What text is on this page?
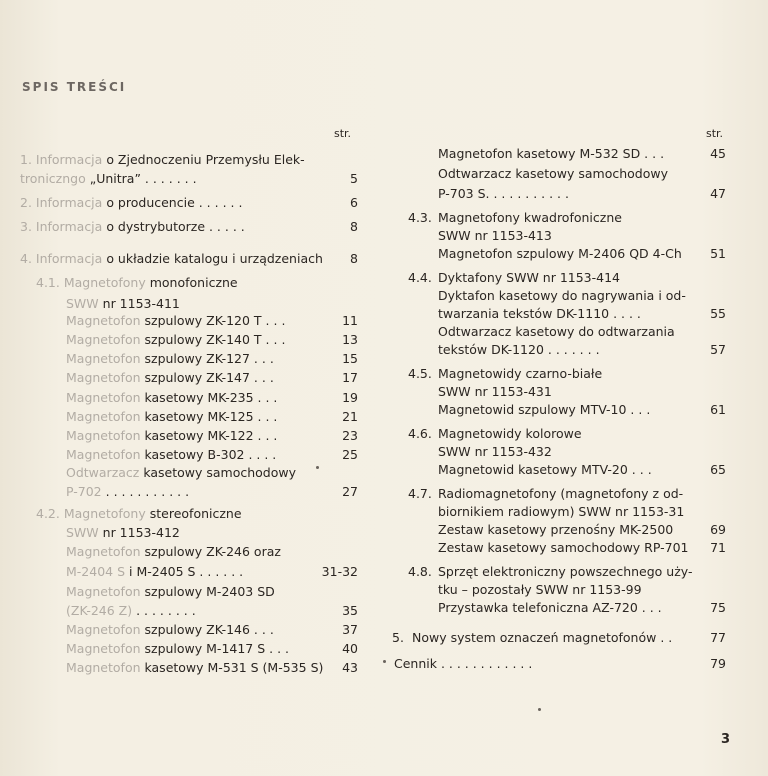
SPIS TREŚCI
str.	str.
1. Informacja o Zjednoczeniu Przemysłu Elek-
troniczngo „Unitra” . . . . . . .	5
2. Informacja o producencie . . . . . .	6
3. Informacja o dystrybutorze . . . . .	8
4. Informacja o układzie katalogu i urządzeniach	8
4.1. Magnetofony monofoniczne
SWW nr 1153-411
Magnetofon szpulowy ZK-120 T . . .	11
Magnetofon szpulowy ZK-140 T . . .	13
Magnetofon szpulowy ZK-127 . . .	15
Magnetofon szpulowy ZK-147 . . .	17
Magnetofon kasetowy MK-235 . . .	19
Magnetofon kasetowy MK-125 . . .	21
Magnetofon kasetowy MK-122 . . .	23
Magnetofon kasetowy B-302 . . . .	25
Odtwarzacz kasetowy samochodowy
P-702 . . . . . . . . . . .	27
4.2. Magnetofony stereofoniczne
SWW nr 1153-412
Magnetofon szpulowy ZK-246 oraz
M-2404 S i M-2405 S . . . . . .	31-32
Magnetofon szpulowy M-2403 SD
(ZK-246 Z) . . . . . . . .	35
Magnetofon szpulowy ZK-146 . . .	37
Magnetofon szpulowy M-1417 S . . .	40
Magnetofon kasetowy M-531 S (M-535 S)	43
Magnetofon kasetowy M-532 SD . . .	45
Odtwarzacz kasetowy samochodowy
P-703 S. . . . . . . . . . .	47
4.3. Magnetofony kwadrofoniczne
SWW nr 1153-413
Magnetofon szpulowy M-2406 QD 4-Ch	51
4.4. Dyktafony SWW nr 1153-414
Dyktafon kasetowy do nagrywania i od-
twarzania tekstów DK-1110 . . . .	55
Odtwarzacz kasetowy do odtwarzania
tekstów DK-1120 . . . . . . .	57
4.5. Magnetowidy czarno-białe
SWW nr 1153-431
Magnetowid szpulowy MTV-10 . . .	61
4.6. Magnetowidy kolorowe
SWW nr 1153-432
Magnetowid kasetowy MTV-20 . . .	65
4.7. Radiomagnetofony (magnetofony z od-
biornikiem radiowym) SWW nr 1153-31
Zestaw kasetowy przenośny MK-2500	69
Zestaw kasetowy samochodowy RP-701	71
4.8. Sprzęt elektroniczny powszechnego uży-
tku – pozostały SWW nr 1153-99
Przystawka telefoniczna AZ-720 . . .	75
5. Nowy system oznaczeń magnetofonów . .	77
Cennik . . . . . . . . . . . .	79
3
